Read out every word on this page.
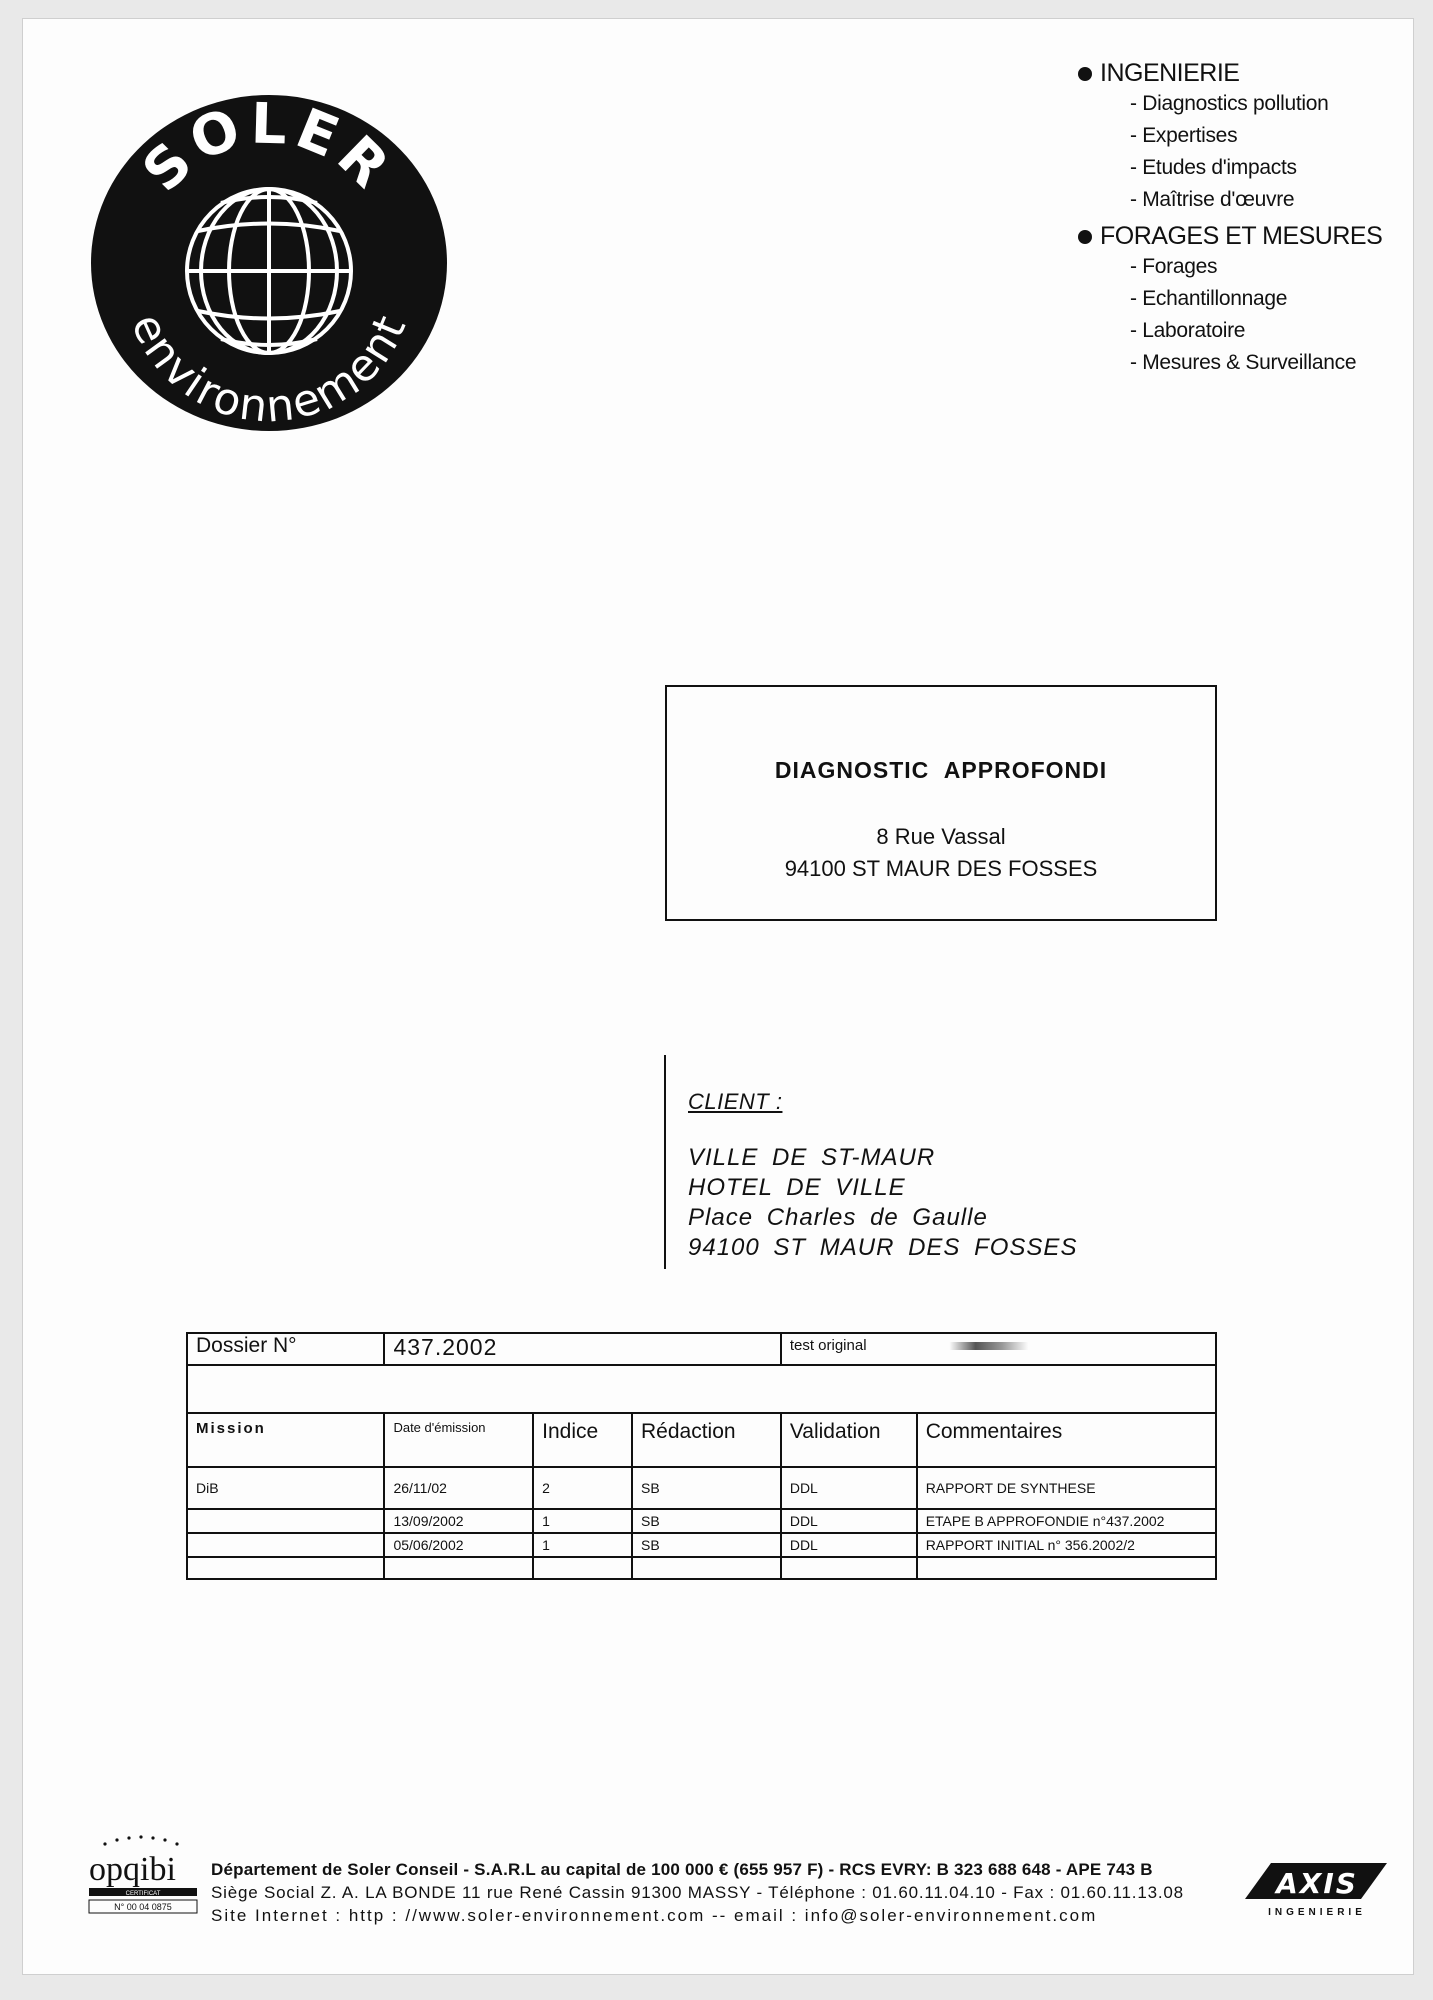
SOLER
environnement
INGENIERIE
- Diagnostics pollution
- Expertises
- Etudes d'impacts
- Maîtrise d'œuvre
FORAGES ET MESURES
- Forages
- Echantillonnage
- Laboratoire
- Mesures & Surveillance
DIAGNOSTIC APPROFONDI
8 Rue Vassal
94100 ST MAUR DES FOSSES
CLIENT :
VILLE DE ST-MAUR
HOTEL DE VILLE
Place Charles de Gaulle
94100 ST MAUR DES FOSSES
Dossier N°	437.2002			test original	

Mission	Date d'émission	Indice	Rédaction	Validation	Commentaires
DiB	26/11/02	2	SB	DDL	RAPPORT DE SYNTHESE
	13/09/2002	1	SB	DDL	ETAPE B APPROFONDIE n°437.2002
	05/06/2002	1	SB	DDL	RAPPORT INITIAL n° 356.2002/2

opqibi
CERTIFICAT
N° 00 04 0875
Département de Soler Conseil - S.A.R.L au capital de 100 000 € (655 957 F) - RCS EVRY: B 323 688 648 - APE 743 B
Siège Social Z. A. LA BONDE 11 rue René Cassin 91300 MASSY - Téléphone : 01.60.11.04.10 - Fax : 01.60.11.13.08
Site Internet : http : //www.soler-environnement.com -- email : info@soler-environnement.com
AXIS
INGENIERIE
